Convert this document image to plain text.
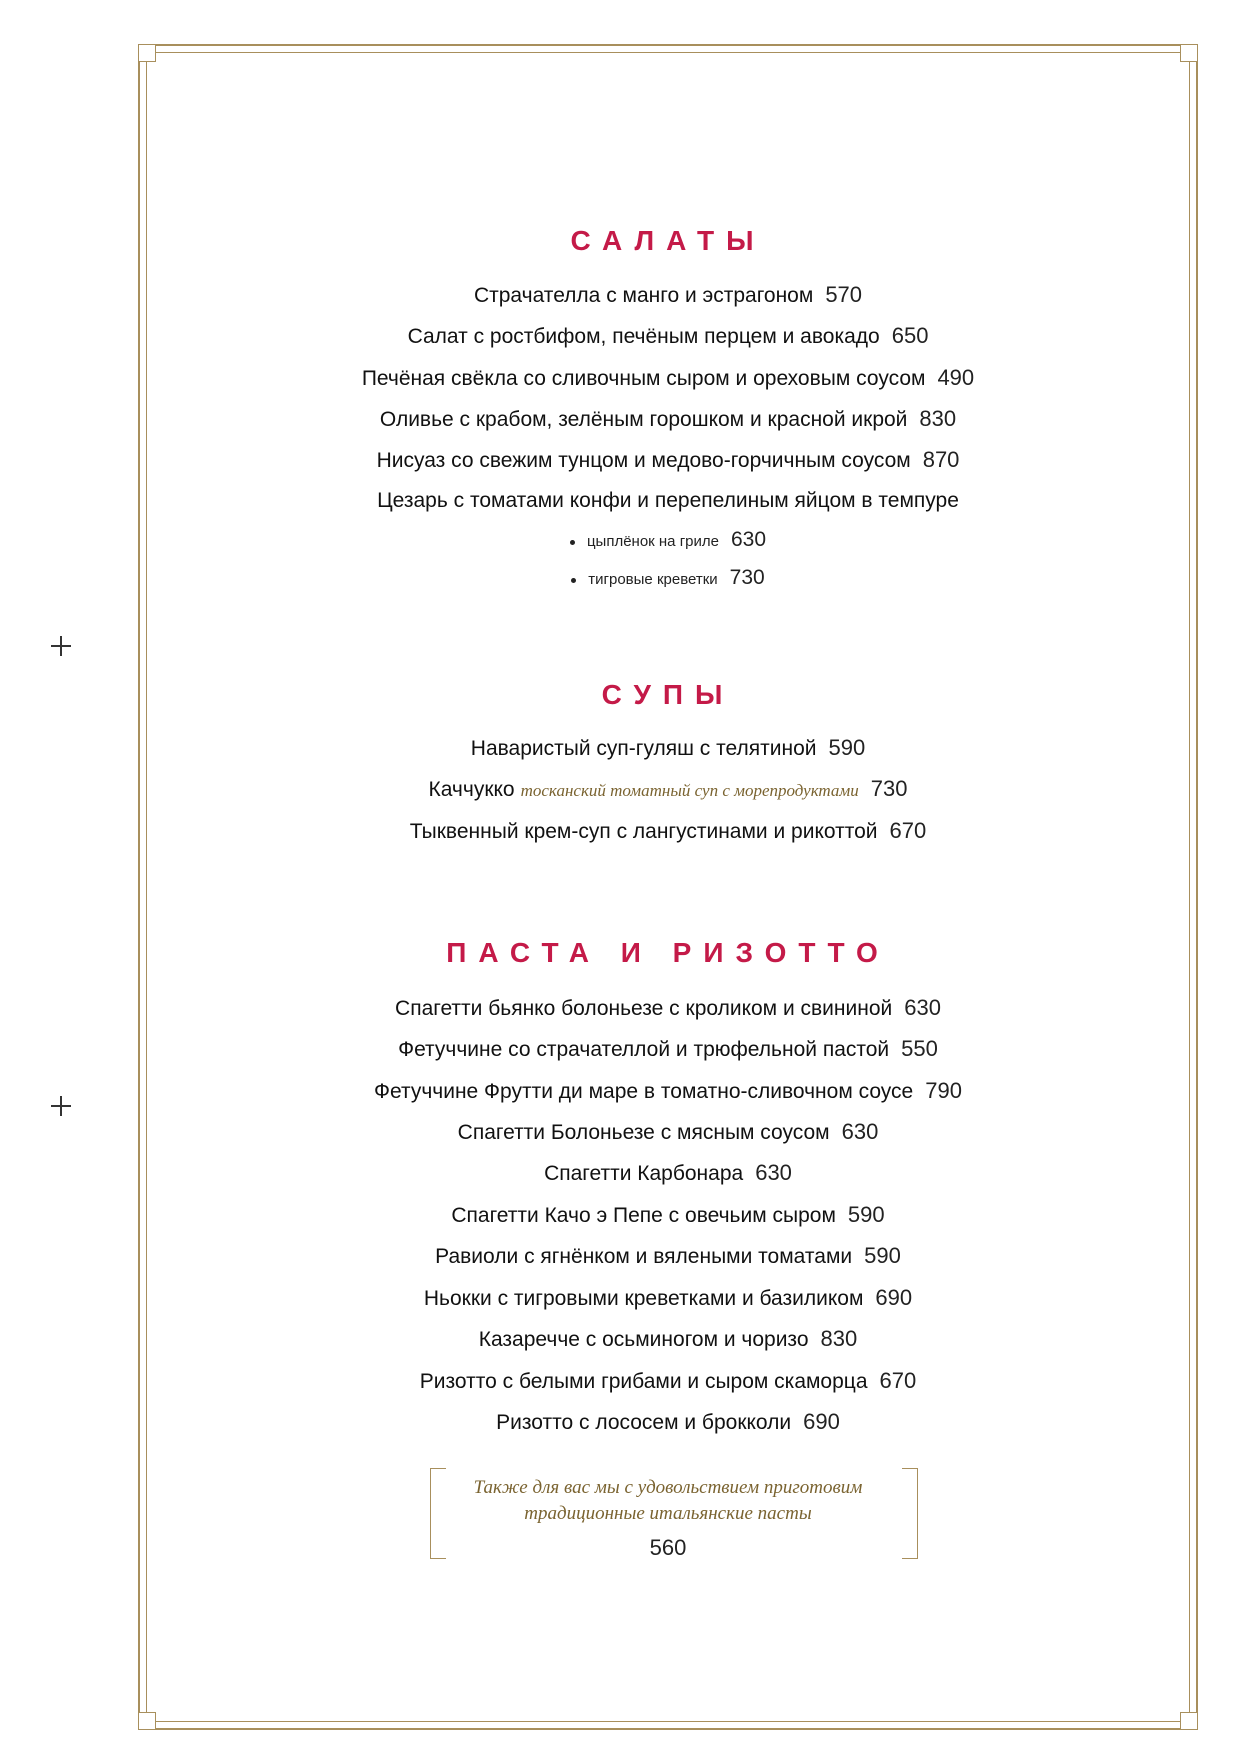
САЛАТЫ
Страчателла с манго и эстрагоном 570
Салат с ростбифом, печёным перцем и авокадо 650
Печёная свёкла со сливочным сыром и ореховым соусом 490
Оливье с крабом, зелёным горошком и красной икрой 830
Нисуаз со свежим тунцом и медово-горчичным соусом 870
Цезарь с томатами конфи и перепелиным яйцом в темпуре
цыплёнок на гриле 630
тигровые креветки 730
СУПЫ
Наваристый суп-гуляш с телятиной 590
Каччукко тосканский томатный суп с морепродуктами 730
Тыквенный крем-суп с лангустинами и рикоттой 670
ПАСТА И РИЗОТТО
Спагетти бьянко болоньезе с кроликом и свининой 630
Фетуччине со страчателлой и трюфельной пастой 550
Фетуччине Фрутти ди маре в томатно-сливочном соусе 790
Спагетти Болоньезе с мясным соусом 630
Спагетти Карбонара 630
Спагетти Качо э Пепе с овечьим сыром 590
Равиоли с ягнёнком и вялеными томатами 590
Ньокки с тигровыми креветками и базиликом 690
Казаречче с осьминогом и чоризо 830
Ризотто с белыми грибами и сыром скаморца 670
Ризотто с лососем и брокколи 690
Также для вас мы с удовольствием приготовим
традиционные итальянские пасты
560
